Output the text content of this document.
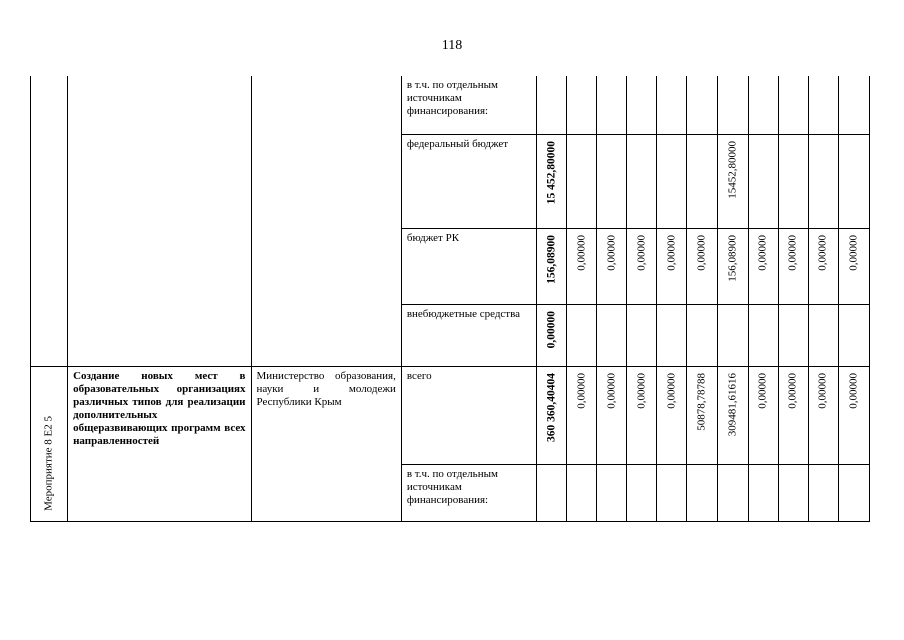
118

			в т.ч. по отдельным источникам финансирования:											

			федеральный бюджет	15 452,80000						15452,80000				

			бюджет РК	156,08900	0,00000	0,00000	0,00000	0,00000	0,00000	156,08900	0,00000	0,00000	0,00000	0,00000

			внебюджетные средства	0,00000										

Мероприятие 8 Е2 5	Создание новых мест в образовательных организациях различных типов для реализации дополнительных общеразвивающих программ всех направленностей	Министерство образования, науки и молодежи Республики Крым	всего	360 360,40404	0,00000	0,00000	0,00000	0,00000	50878,78788	309481,61616	0,00000	0,00000	0,00000	0,00000

			в т.ч. по отдельным источникам финансирования:											
